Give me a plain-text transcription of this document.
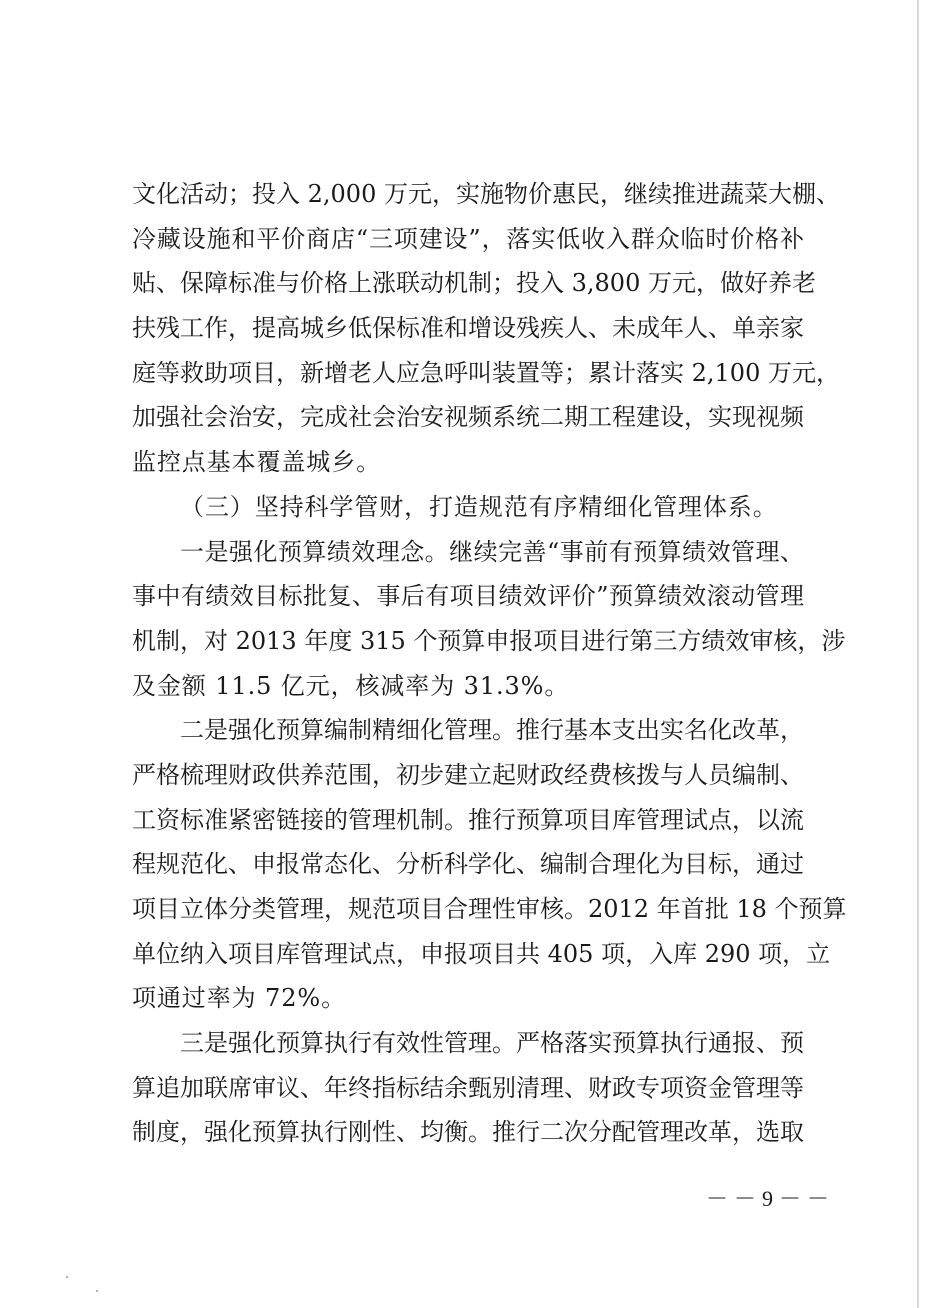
文化活动；投入 2,000 万元，实施物价惠民，继续推进蔬菜大棚、
冷藏设施和平价商店“三项建设”，落实低收入群众临时价格补
贴、保障标准与价格上涨联动机制；投入 3,800 万元，做好养老
扶残工作，提高城乡低保标准和增设残疾人、未成年人、单亲家
庭等救助项目，新增老人应急呼叫装置等；累计落实 2,100 万元，
加强社会治安，完成社会治安视频系统二期工程建设，实现视频
监控点基本覆盖城乡。
（三）坚持科学管财，打造规范有序精细化管理体系。
一是强化预算绩效理念。继续完善“事前有预算绩效管理、
事中有绩效目标批复、事后有项目绩效评价”预算绩效滚动管理
机制，对 2013 年度 315 个预算申报项目进行第三方绩效审核，涉
及金额 11.5 亿元，核减率为 31.3%。
二是强化预算编制精细化管理。推行基本支出实名化改革，
严格梳理财政供养范围，初步建立起财政经费核拨与人员编制、
工资标准紧密链接的管理机制。推行预算项目库管理试点，以流
程规范化、申报常态化、分析科学化、编制合理化为目标，通过
项目立体分类管理，规范项目合理性审核。2012 年首批 18 个预算
单位纳入项目库管理试点，申报项目共 405 项，入库 290 项，立
项通过率为 72%。
三是强化预算执行有效性管理。严格落实预算执行通报、预
算追加联席审议、年终指标结余甄别清理、财政专项资金管理等
制度，强化预算执行刚性、均衡。推行二次分配管理改革，选取
－－9－－
